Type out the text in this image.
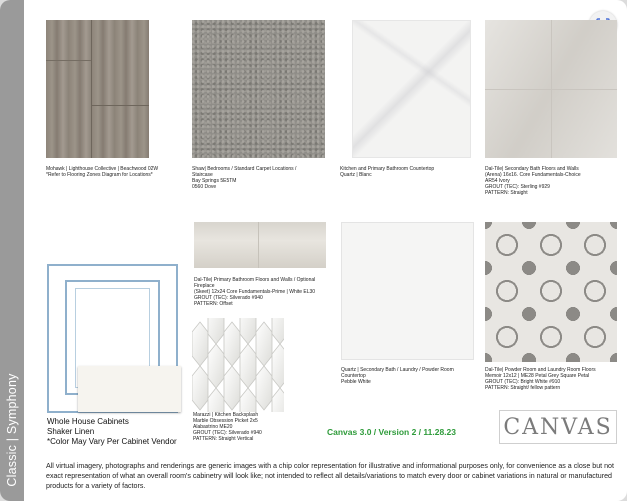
Classic | Symphony
Mohawk | Lighthouse Collective | Beachwood 02W
*Refer to Flooring Zones Diagram for Locations*
Shaw| Bedrooms / Standard Carpet Locations /
Staircase
Bay Springs 5E5TM
0560 Dove
Kitchen and Primary Bathroom Countertop
Quartz | Blanc
Dal-Tile| Secondary Bath Floors and Walls
(Arena) 16x16. Core Fundamentals-Choice
AR54 Ivory
GROUT (TEC): Sterling #929
PATTERN: Straight
Whole House Cabinets
Shaker Linen
*Color May Vary Per Cabinet Vendor
Dal-Tile| Primary Bathroom Floors and Walls / Optional
Fireplace
(Skeet) 12x24 Core Fundamentals-Prime | White EL30
GROUT (TEC): Silverado #940
PATTERN: Offset
Marazzi | Kitchen Backsplash
Marble Obsession Picket 2x5
Alabastrino ME20
GROUT (TEC): Silverado #940
PATTERN: Straight Vertical
Quartz | Secondary Bath / Laundry / Powder Room
Countertop
Pebble White
Dal-Tile| Powder Room and Laundry Room Floors
Memoir 12x12 | ME28 Petal Grey Square Petal
GROUT (TEC): Bright White #910
PATTERN: Straight/ fellow pattern
Canvas 3.0 / Version 2 / 11.28.23 CANVAS
All virtual imagery, photographs and renderings are generic images with a chip color representation for illustrative and informational purposes only, for convenience as a close but not exact representation of what an overall room's cabinetry will look like; not intended to reflect all details/variations to match every door or cabinet variations in natural or manufactured products for a variety of factors.
